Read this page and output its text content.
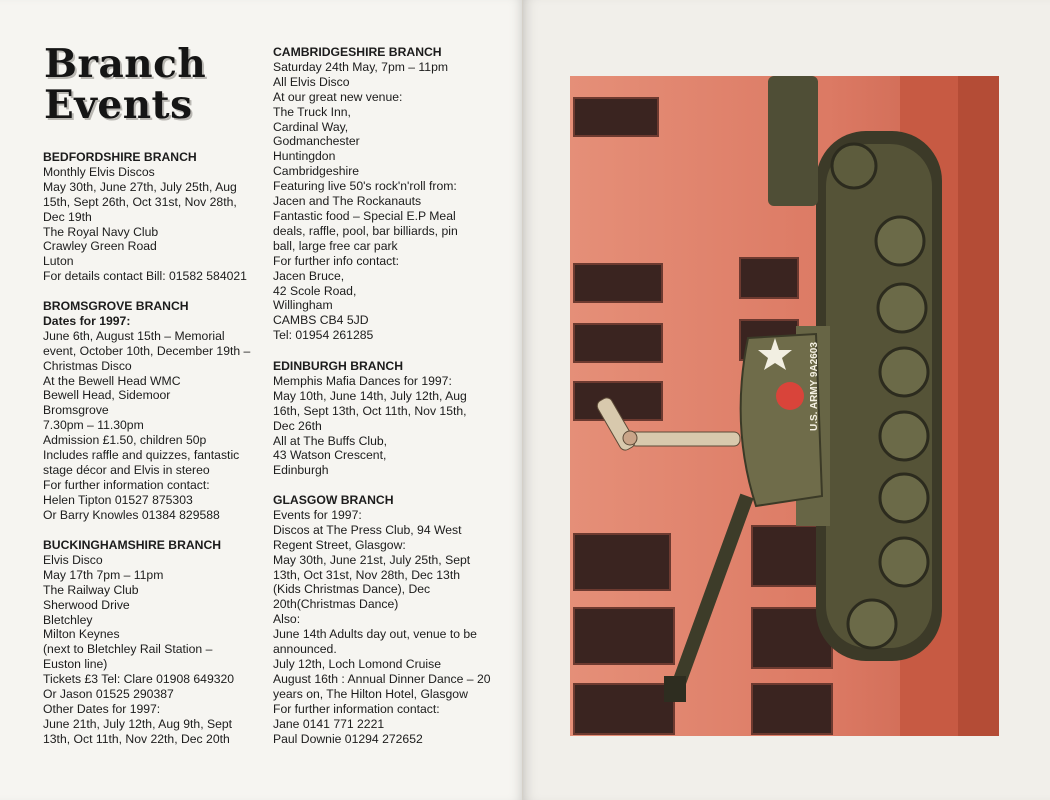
Branch
Events
BEDFORDSHIRE BRANCH

Monthly Elvis Discos

May 30th, June 27th, July 25th, Aug

15th, Sept 26th, Oct 31st, Nov 28th,

Dec 19th

The Royal Navy Club

Crawley Green Road

Luton

For details contact Bill: 01582 584021

BROMSGROVE BRANCH

Dates for 1997:

June 6th, August 15th – Memorial

event, October 10th, December 19th –

Christmas Disco

At the Bewell Head WMC

Bewell Head, Sidemoor

Bromsgrove

7.30pm – 11.30pm

Admission £1.50, children 50p

Includes raffle and quizzes, fantastic

stage décor and Elvis in stereo

For further information contact:

Helen Tipton 01527 875303

Or Barry Knowles 01384 829588

BUCKINGHAMSHIRE BRANCH

Elvis Disco

May 17th 7pm – 11pm

The Railway Club

Sherwood Drive

Bletchley

Milton Keynes

(next to Bletchley Rail Station –

Euston line)

Tickets £3 Tel: Clare 01908 649320

Or Jason 01525 290387

Other Dates for 1997:

June 21th, July 12th, Aug 9th, Sept

13th, Oct 11th, Nov 22th, Dec 20th

CAMBRIDGESHIRE BRANCH

Saturday 24th May, 7pm – 11pm

All Elvis Disco

At our great new venue:

The Truck Inn,

Cardinal Way,

Godmanchester

Huntingdon

Cambridgeshire

Featuring live 50's rock'n'roll from:

Jacen and The Rockanauts

Fantastic food – Special E.P Meal

deals, raffle, pool, bar billiards, pin

ball, large free car park

For further info contact:

Jacen Bruce,

42 Scole Road,

Willingham

CAMBS CB4 5JD

Tel: 01954 261285

EDINBURGH BRANCH

Memphis Mafia Dances for 1997:

May 10th, June 14th, July 12th, Aug

16th, Sept 13th, Oct 11th, Nov 15th,

Dec 26th

All at The Buffs Club,

43 Watson Crescent,

Edinburgh

GLASGOW BRANCH

Events for 1997:

Discos at The Press Club, 94 West

Regent Street, Glasgow:

May 30th, June 21st, July 25th, Sept

13th, Oct 31st, Nov 28th, Dec 13th

(Kids Christmas Dance), Dec

20th(Christmas Dance)

Also:

June 14th Adults day out, venue to be

announced.

July 12th, Loch Lomond Cruise

August 16th : Annual Dinner Dance – 20

years on, The Hilton Hotel, Glasgow

For further information contact:

Jane 0141 771 2221

Paul Downie 01294 272652

U.S. ARMY 9A2603
